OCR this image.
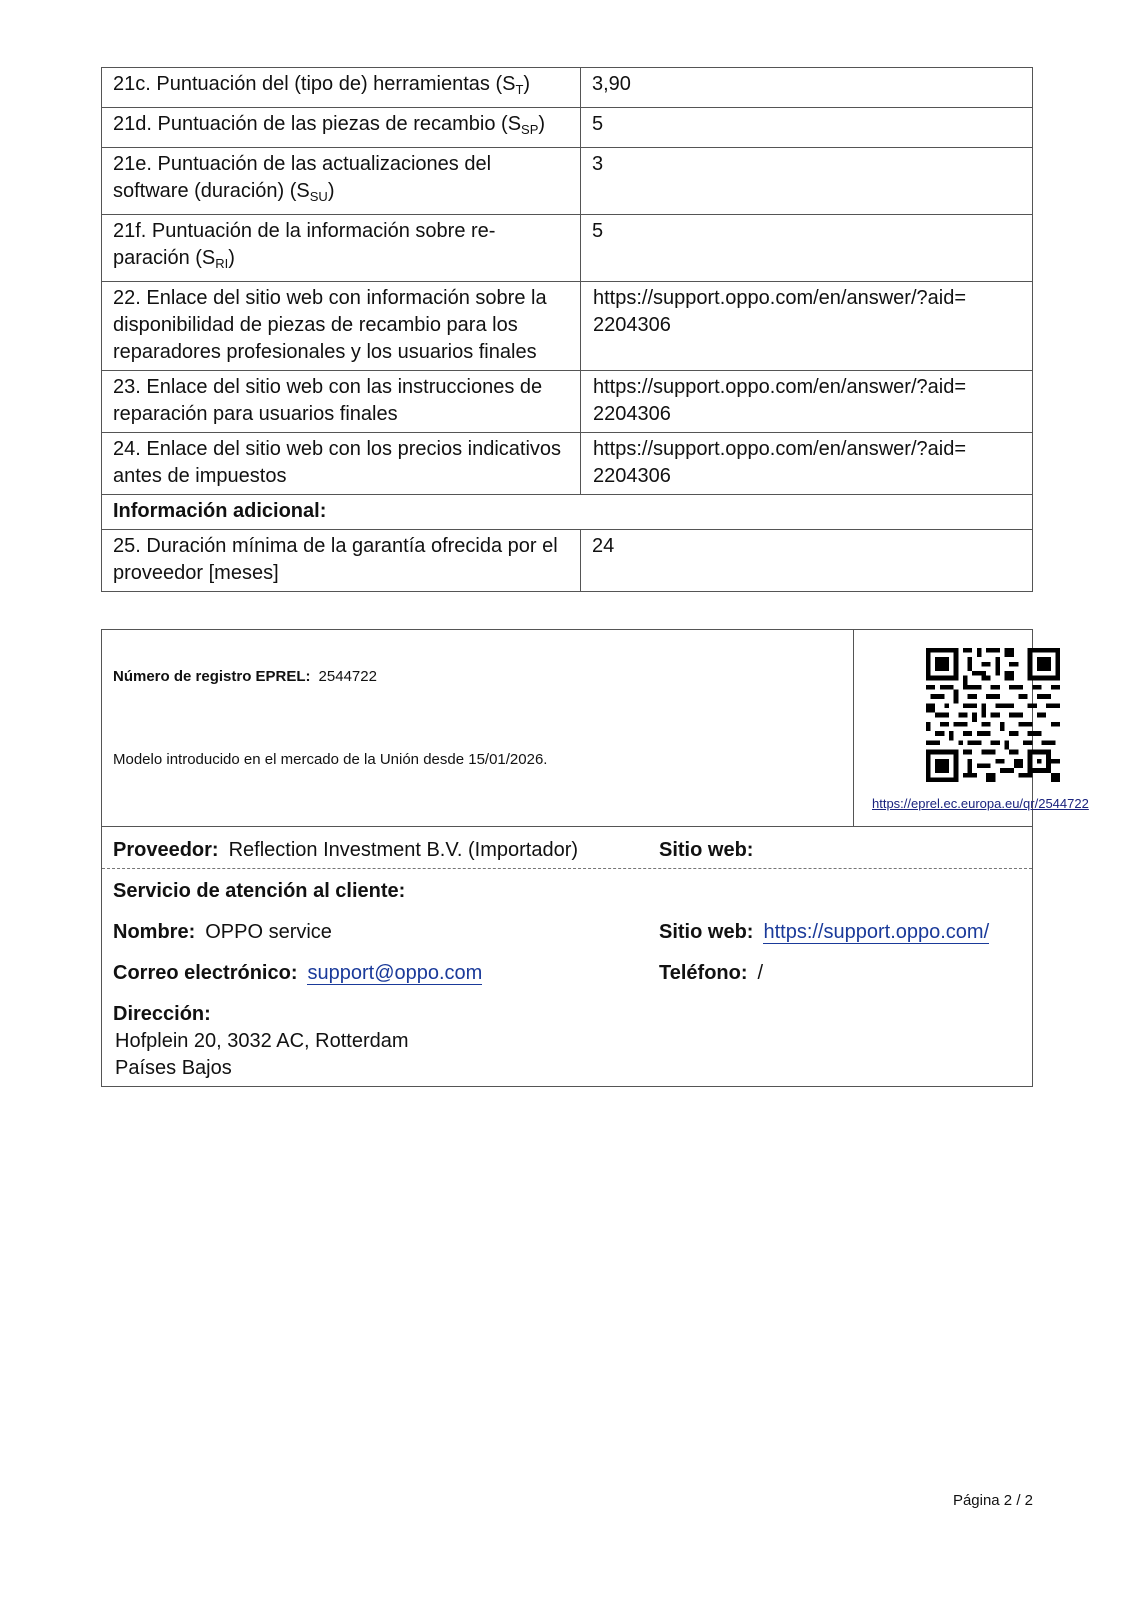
21c. Puntuación del (tipo de) herramientas $(S_T)$	3,90

21d. Puntuación de las piezas de recambio $(S_{SP})$	5

21e. Puntuación de las actualizaciones del software (duración) $(S_{SU})$	3

21f. Puntuación de la información sobre re-paración $(S_{RI})$	5
22. Enlace del sitio web con información sobre la disponibilidad de piezas de recambio para los reparadores profesionales y los usuarios finales	https://support.oppo.com/en/answer/?aid= 2204306
23. Enlace del sitio web con las instrucciones de reparación para usuarios finales	https://support.oppo.com/en/answer/?aid= 2204306
24. Enlace del sitio web con los precios indicativos antes de impuestos	https://support.oppo.com/en/answer/?aid= 2204306
Información adicional:	
25. Duración mínima de la garantía ofrecida por el proveedor [meses]	24
Número de registro EPREL: 2544722
Modelo introducido en el mercado de la Unión desde 15/01/2026.
https://eprel.ec.europa.eu/qr/2544722
Proveedor: Reflection Investment B.V. (Importador)	Sitio web:
Servicio de atención al cliente:
Nombre: OPPO service	Sitio web: https://support.oppo.com/
Correo electrónico: support@oppo.com	Teléfono: /
Dirección:
Hofplein 20, 3032 AC, Rotterdam
Países Bajos
Página 2 / 2
